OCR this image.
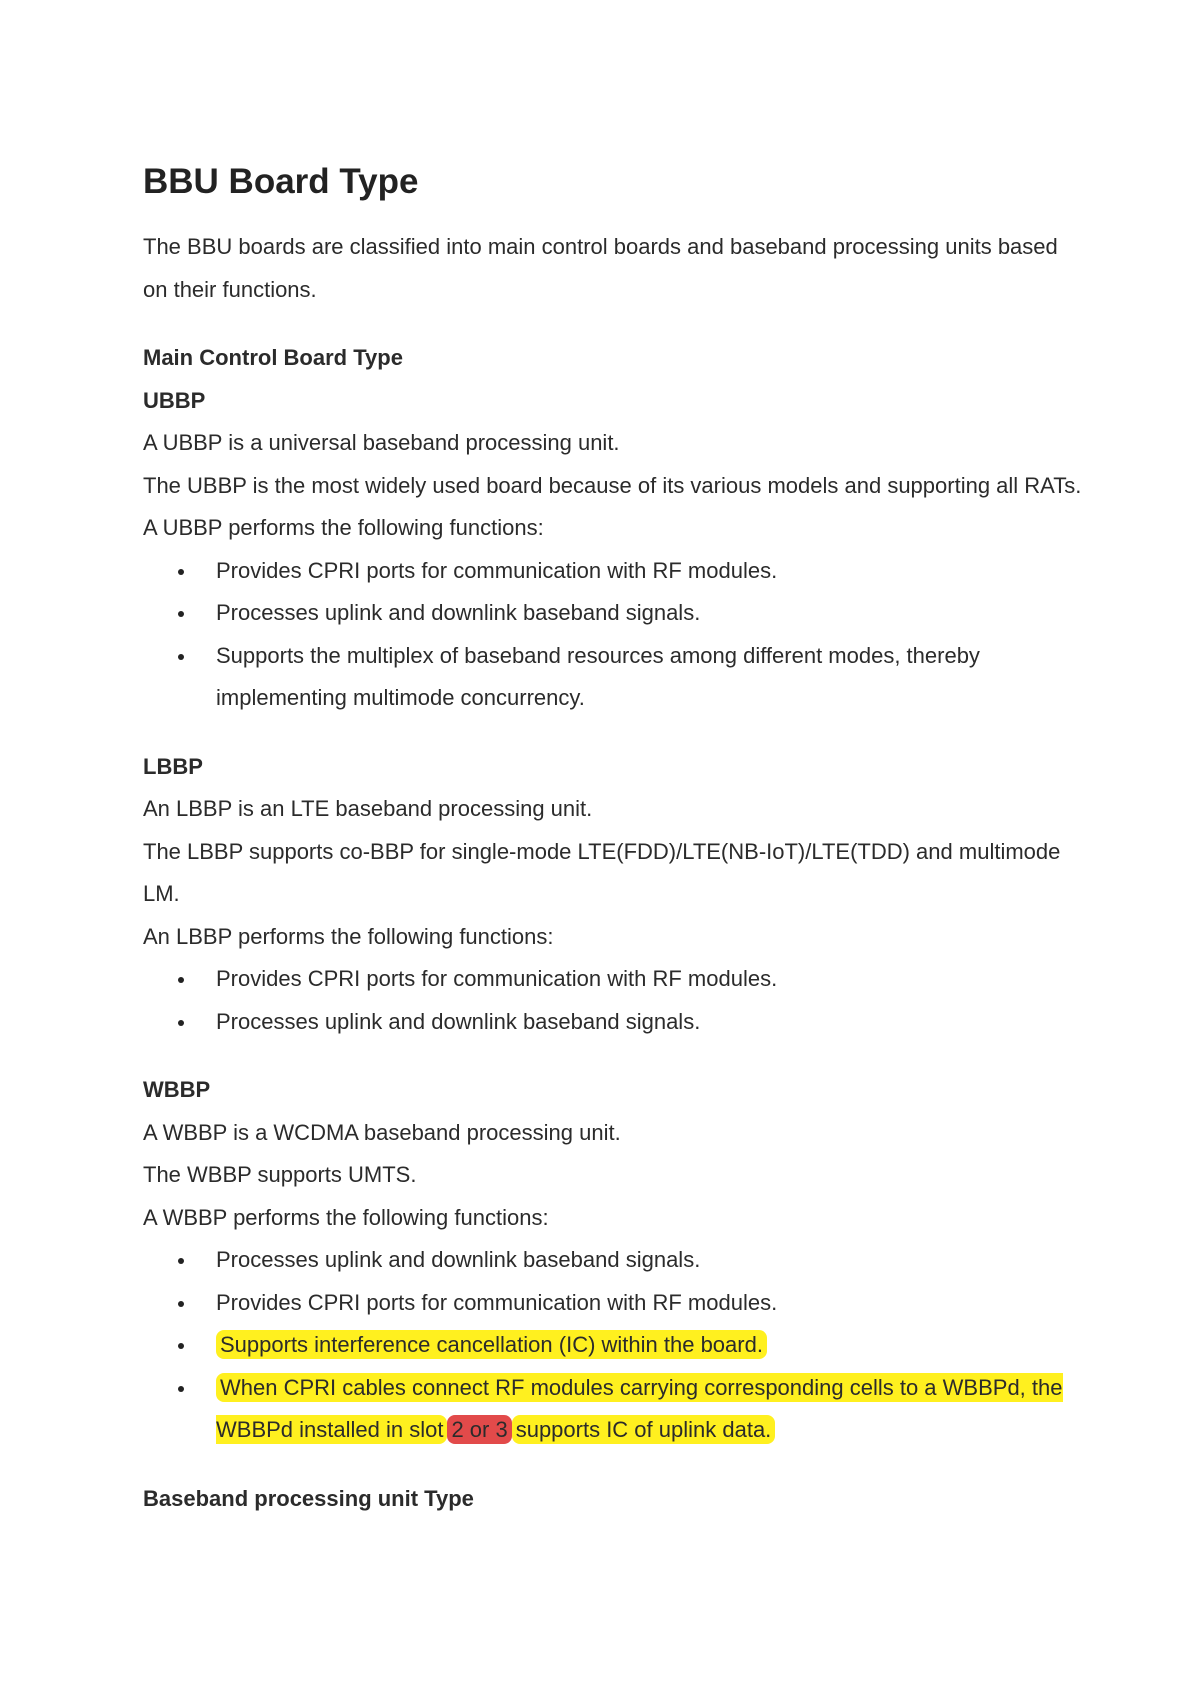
BBU Board Type

The BBU boards are classified into main control boards and baseband processing units based on their functions.

Main Control Board Type

UBBP

A UBBP is a universal baseband processing unit.

The UBBP is the most widely used board because of its various models and supporting all RATs.

A UBBP performs the following functions:

Provides CPRI ports for communication with RF modules.
Processes uplink and downlink baseband signals.
Supports the multiplex of baseband resources among different modes, thereby implementing multimode concurrency.

LBBP

An LBBP is an LTE baseband processing unit.

The LBBP supports co-BBP for single-mode LTE(FDD)/LTE(NB-IoT)/LTE(TDD) and multimode LM.

An LBBP performs the following functions:

Provides CPRI ports for communication with RF modules.
Processes uplink and downlink baseband signals.

WBBP

A WBBP is a WCDMA baseband processing unit.

The WBBP supports UMTS.

A WBBP performs the following functions:

Processes uplink and downlink baseband signals.
Provides CPRI ports for communication with RF modules.
Supports interference cancellation (IC) within the board.
When CPRI cables connect RF modules carrying corresponding cells to a WBBPd, the WBBPd installed in slot 2 or 3 supports IC of uplink data.

Baseband processing unit Type
